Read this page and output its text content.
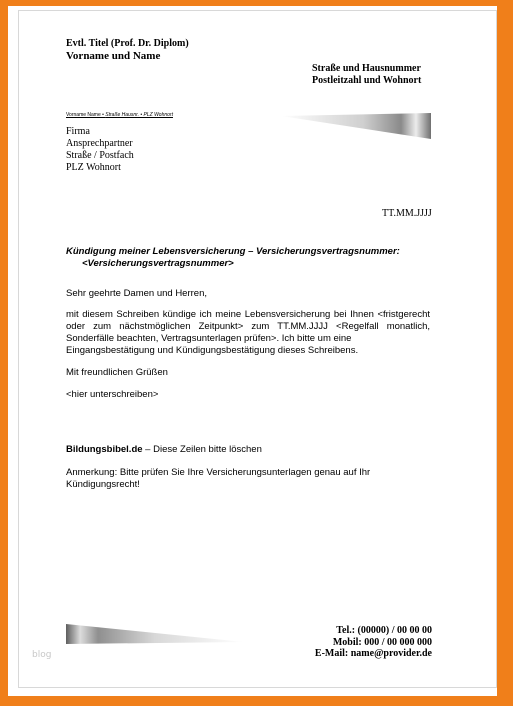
Evtl. Titel (Prof. Dr. Diplom)
Vorname und Name
Straße und Hausnummer
Postleitzahl und Wohnort
Vorname Name • Straße Hausnr. • PLZ Wohnort
Firma
Ansprechpartner
Straße / Postfach
PLZ Wohnort
TT.MM.JJJJ
Kündigung meiner Lebensversicherung – Versicherungsvertragsnummer:
<Versicherungsvertragsnummer>
Sehr geehrte Damen und Herren,
mit diesem Schreiben kündige ich meine Lebensversicherung bei Ihnen <fristgerecht oder zum nächstmöglichen Zeitpunkt> zum TT.MM.JJJJ <Regelfall monatlich, Sonderfälle beachten, Vertragsunterlagen prüfen>. Ich bitte um eine
Eingangsbestätigung und Kündigungsbestätigung dieses Schreibens.
Mit freundlichen Grüßen
<hier unterschreiben>
Bildungsbibel.de – Diese Zeilen bitte löschen
Anmerkung: Bitte prüfen Sie Ihre Versicherungsunterlagen genau auf Ihr Kündigungsrecht!
Tel.: (00000) / 00 00 00
Mobil: 000 / 00 000 000
E-Mail: name@provider.de
blog
